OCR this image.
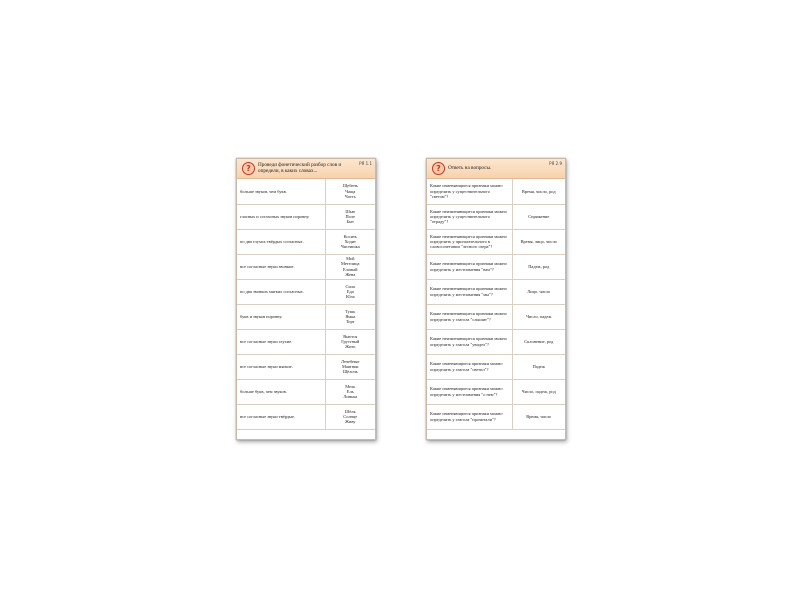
?	Проведи фонетический разбор слов и определи, в каких словах...
РЯ 1.1
больше звуков, чем букв.	Щебень
Чаща
Часть

гласных и согласных звуков поровну.	Шью
Поле
Быт

по два глухих твёрдых согласных.	Косить
Ходит
Чистишка

все согласные звуки звонкие.	Мой
Метелица
Еловый
Жена

по два звонких мягких согласных.	Сила
Еда
Юла

букв и звуков поровну.	Тушь
Ямка
Торт

все согласные звуки глухие.	Вьются
Грустный
Жить

все согласные звуки мягкие.	Лечебные
Маятник
Щёлочь

больше букв, чем звуков.	Мель
Ель
Линька

все согласные звуки твёрдые.	Шёлк
Солнце
Живу
?	Ответь на вопросы.
РЯ 2.9
Какие изменяющиеся признаки можно определить у существительного "светом"?	Время, число, род
Какие неизменяющиеся признаки можно определить у существительного "отраду"?	Спряжение
Какие неизменяющиеся признаки можно определить у прилагательного в словосочетании "лесного озера"?	Время, лицо, число
Какие неизменяющиеся признаки можно определить у местоимения "вам"?	Падеж, род
Какие неизменяющиеся признаки можно определить у местоимения "мы"?	Лицо, число
Какие неизменяющиеся признаки можно определить у глагола "слышит"?	Число, падеж
Какие неизменяющиеся признаки можно определить у глагола "увидел"?	Склонение, род
Какие изменяющиеся признаки можно определить у глагола "светил"?	Падеж
Какие изменяющиеся признаки можно определить у местоимения "о нем"?	Число, падеж, род
Какие изменяющиеся признаки можно определить у глагола "прочитали"?	Время, число
